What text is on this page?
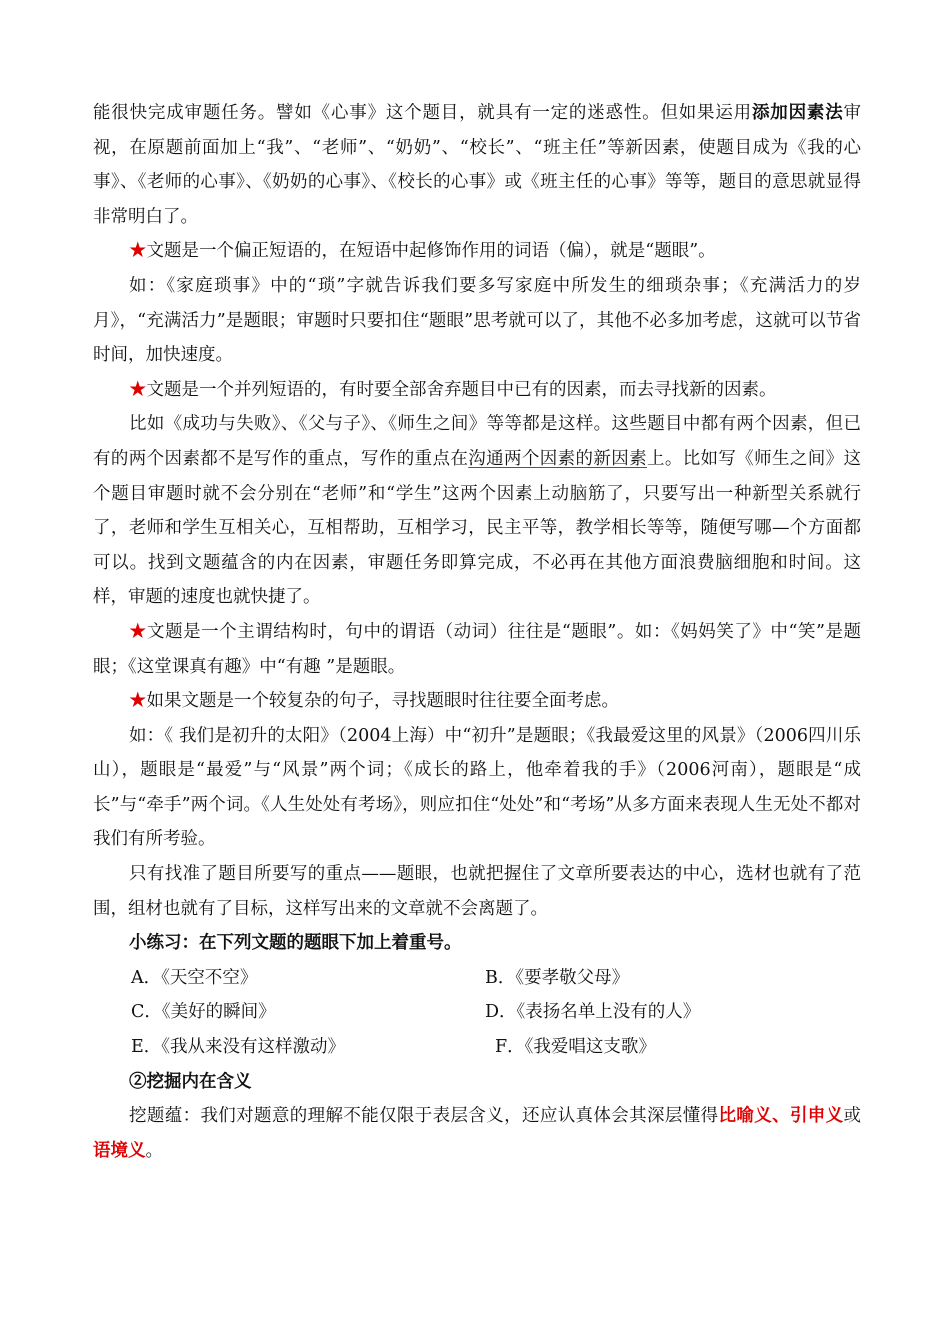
能很快完成审题任务。譬如《心事》这个题目，就具有一定的迷惑性。但如果运用添加因素法审视，在原题前面加上“我”、“老师”、“奶奶”、“校长”、“班主任”等新因素，使题目成为《我的心事》、《老师的心事》、《奶奶的心事》、《校长的心事》或《班主任的心事》等等，题目的意思就显得非常明白了。

★文题是一个偏正短语的，在短语中起修饰作用的词语（偏），就是“题眼”。

如：《家庭琐事》中的“琐”字就告诉我们要多写家庭中所发生的细琐杂事；《充满活力的岁月》，“充满活力”是题眼；审题时只要扣住“题眼”思考就可以了，其他不必多加考虑，这就可以节省时间，加快速度。

★文题是一个并列短语的，有时要全部舍弃题目中已有的因素，而去寻找新的因素。

比如《成功与失败》、《父与子》、《师生之间》等等都是这样。这些题目中都有两个因素，但已有的两个因素都不是写作的重点，写作的重点在沟通两个因素的新因素上。比如写《师生之间》这个题目审题时就不会分别在“老师”和“学生”这两个因素上动脑筋了，只要写出一种新型关系就行了，老师和学生互相关心，互相帮助，互相学习，民主平等，教学相长等等，随便写哪—个方面都可以。找到文题蕴含的内在因素，审题任务即算完成，不必再在其他方面浪费脑细胞和时间。这样，审题的速度也就快捷了。

★文题是一个主谓结构时，句中的谓语（动词）往往是“题眼”。如：《妈妈笑了》中“笑”是题眼；《这堂课真有趣》中“有趣 ”是题眼。

★如果文题是一个较复杂的句子，寻找题眼时往往要全面考虑。

如：《 我们是初升的太阳》（2004上海）中“初升”是题眼；《我最爱这里的风景》（2006四川乐山），题眼是“最爱”与“风景”两个词；《成长的路上，他牵着我的手》（2006河南），题眼是“成长”与“牵手”两个词。《人生处处有考场》，则应扣住“处处”和“考场”从多方面来表现人生无处不都对我们有所考验。

只有找准了题目所要写的重点——题眼，也就把握住了文章所要表达的中心，选材也就有了范围，组材也就有了目标，这样写出来的文章就不会离题了。

小练习：在下列文题的题眼下加上着重号。

A．《天空不空》	B．《要孝敬父母》
C．《美好的瞬间》	D．《表扬名单上没有的人》
E．《我从来没有这样激动》	F．《我爱唱这支歌》

②挖掘内在含义

挖题蕴：我们对题意的理解不能仅限于表层含义，还应认真体会其深层懂得比喻义、引申义或语境义。
